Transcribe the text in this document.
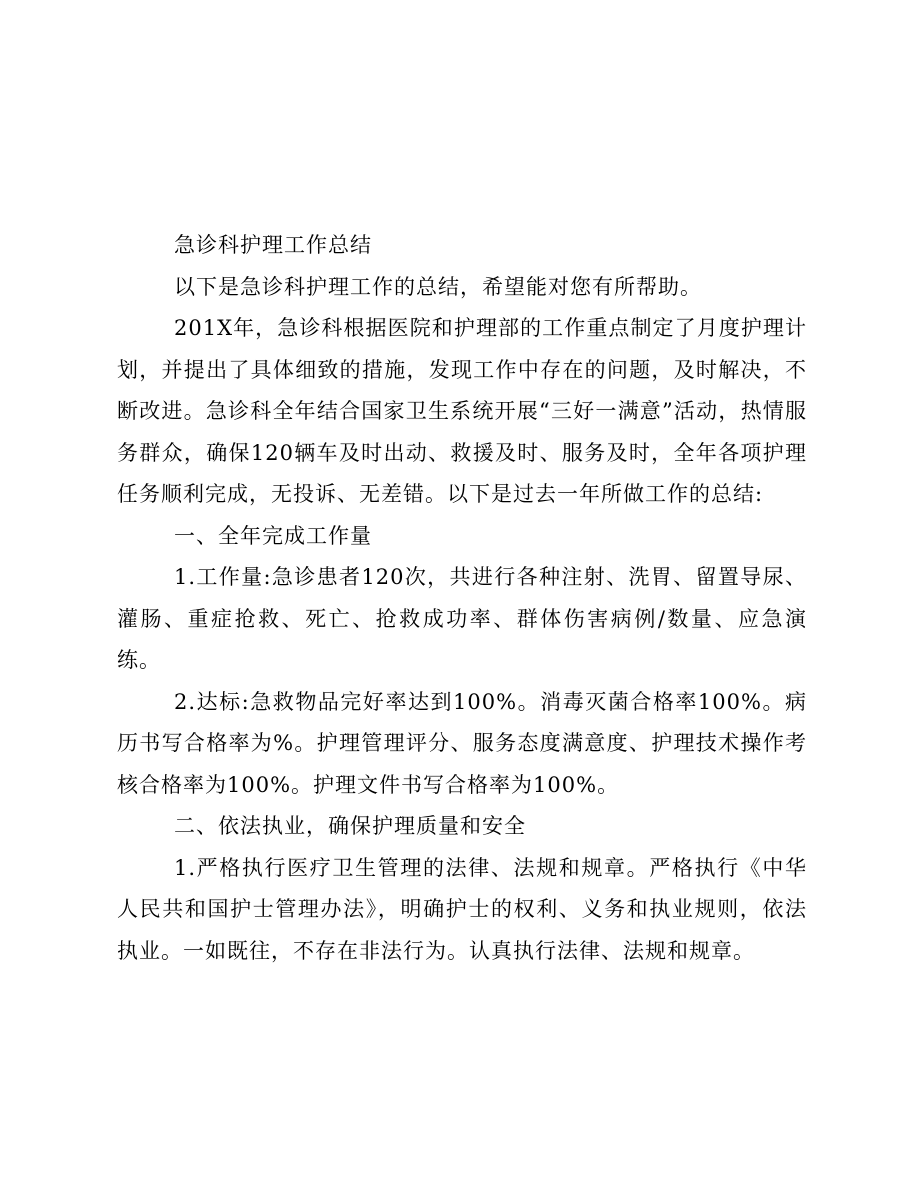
急诊科护理工作总结

以下是急诊科护理工作的总结，希望能对您有所帮助。

201X年，急诊科根据医院和护理部的工作重点制定了月度护理计划，并提出了具体细致的措施，发现工作中存在的问题，及时解决，不断改进。急诊科全年结合国家卫生系统开展“三好一满意”活动，热情服务群众，确保120辆车及时出动、救援及时、服务及时，全年各项护理任务顺利完成，无投诉、无差错。以下是过去一年所做工作的总结:

一、全年完成工作量

1.工作量:急诊患者120次，共进行各种注射、洗胃、留置导尿、灌肠、重症抢救、死亡、抢救成功率、群体伤害病例/数量、应急演练。

2.达标:急救物品完好率达到100%。消毒灭菌合格率100%。病历书写合格率为%。护理管理评分、服务态度满意度、护理技术操作考核合格率为100%。护理文件书写合格率为100%。

二、依法执业，确保护理质量和安全

1.严格执行医疗卫生管理的法律、法规和规章。严格执行《中华人民共和国护士管理办法》，明确护士的权利、义务和执业规则，依法执业。一如既往，不存在非法行为。认真执行法律、法规和规章。
